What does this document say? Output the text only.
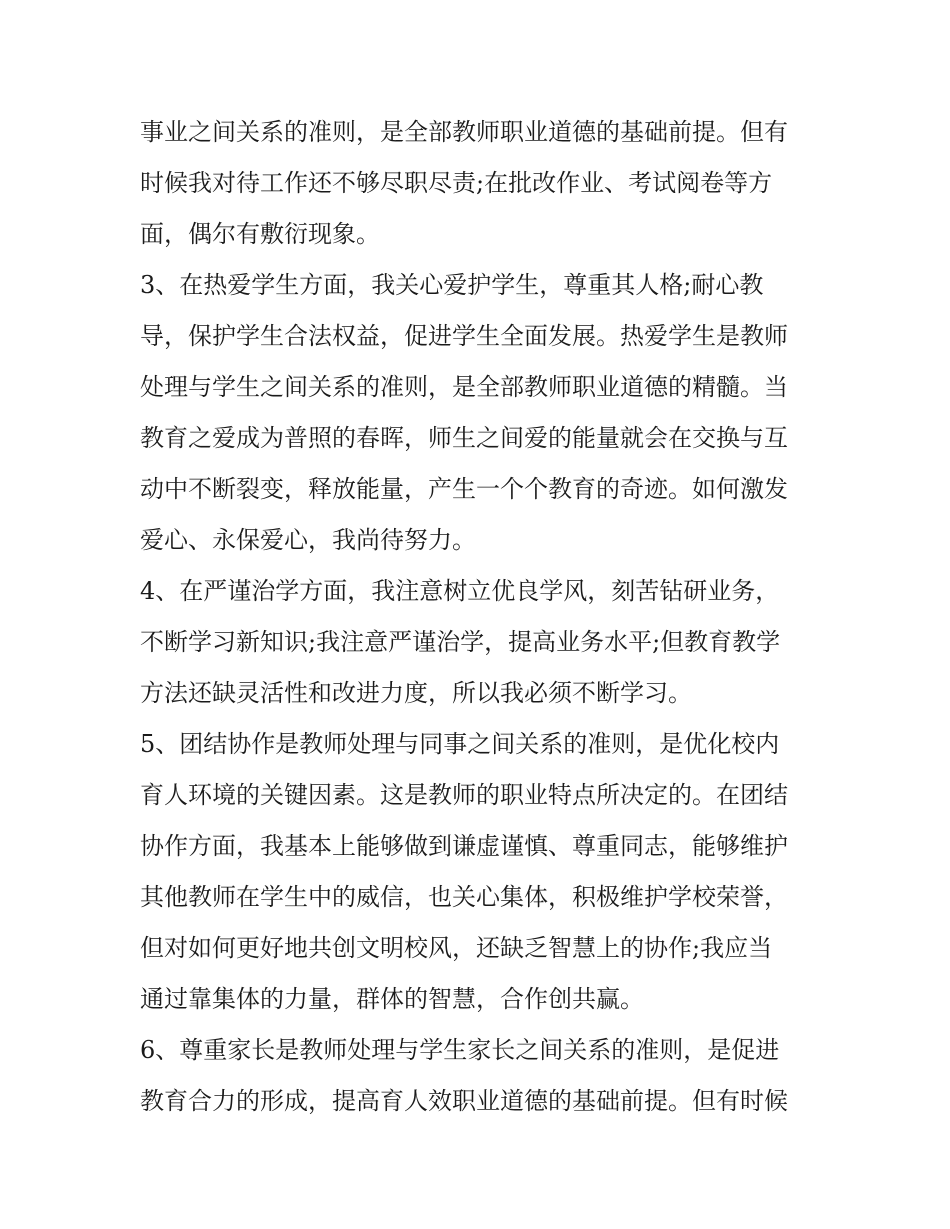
事业之间关系的准则，是全部教师职业道德的基础前提。但有
时候我对待工作还不够尽职尽责;在批改作业、考试阅卷等方
面，偶尔有敷衍现象。
3、在热爱学生方面，我关心爱护学生，尊重其人格;耐心教
导，保护学生合法权益，促进学生全面发展。热爱学生是教师
处理与学生之间关系的准则，是全部教师职业道德的精髓。当
教育之爱成为普照的春晖，师生之间爱的能量就会在交换与互
动中不断裂变，释放能量，产生一个个教育的奇迹。如何激发
爱心、永保爱心，我尚待努力。
4、在严谨治学方面，我注意树立优良学风，刻苦钻研业务，
不断学习新知识;我注意严谨治学，提高业务水平;但教育教学
方法还缺灵活性和改进力度，所以我必须不断学习。
5、团结协作是教师处理与同事之间关系的准则，是优化校内
育人环境的关键因素。这是教师的职业特点所决定的。在团结
协作方面，我基本上能够做到谦虚谨慎、尊重同志，能够维护
其他教师在学生中的威信，也关心集体，积极维护学校荣誉，
但对如何更好地共创文明校风，还缺乏智慧上的协作;我应当
通过靠集体的力量，群体的智慧，合作创共赢。
6、尊重家长是教师处理与学生家长之间关系的准则，是促进
教育合力的形成，提高育人效职业道德的基础前提。但有时候
